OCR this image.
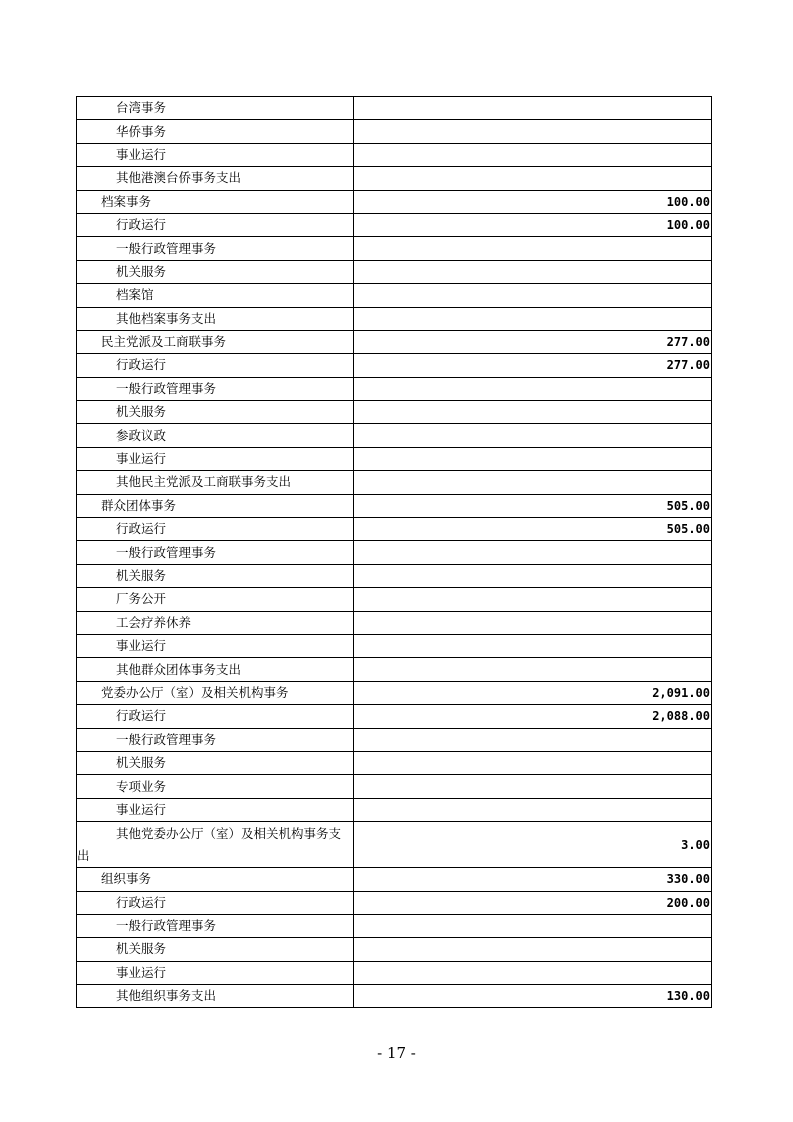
台湾事务	
华侨事务	
事业运行	
其他港澳台侨事务支出	
档案事务	100.00
行政运行	100.00
一般行政管理事务	
机关服务	
档案馆	
其他档案事务支出	
民主党派及工商联事务	277.00
行政运行	277.00
一般行政管理事务	
机关服务	
参政议政	
事业运行	
其他民主党派及工商联事务支出	
群众团体事务	505.00
行政运行	505.00
一般行政管理事务	
机关服务	
厂务公开	
工会疗养休养	
事业运行	
其他群众团体事务支出	
党委办公厅（室）及相关机构事务	2,091.00
行政运行	2,088.00
一般行政管理事务	
机关服务	
专项业务	
事业运行	

其他党委办公厅（室）及相关机构事务支出	3.00
组织事务	330.00
行政运行	200.00
一般行政管理事务	
机关服务	
事业运行	
其他组织事务支出	130.00
- 17 -
